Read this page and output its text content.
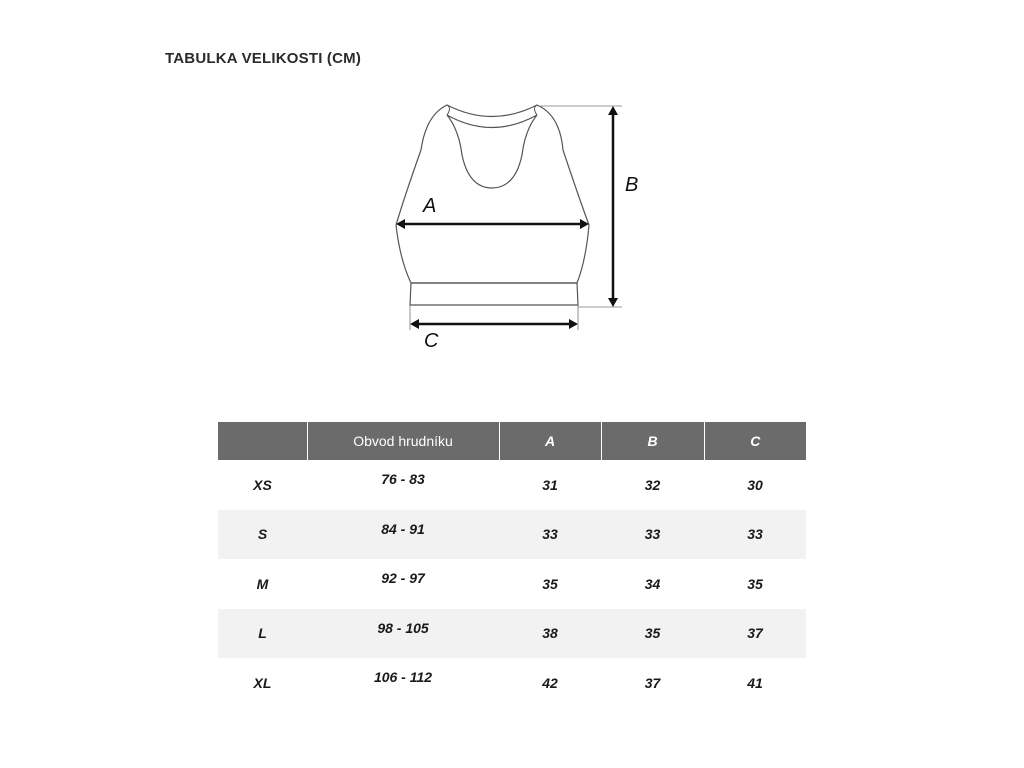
TABULKA VELIKOSTI (CM)
A
B
C
	Obvod hrudníku	A	B	C
XS	76 - 83	31	32	30
S	84 - 91	33	33	33
M	92 - 97	35	34	35
L	98 - 105	38	35	37
XL	106 - 112	42	37	41
